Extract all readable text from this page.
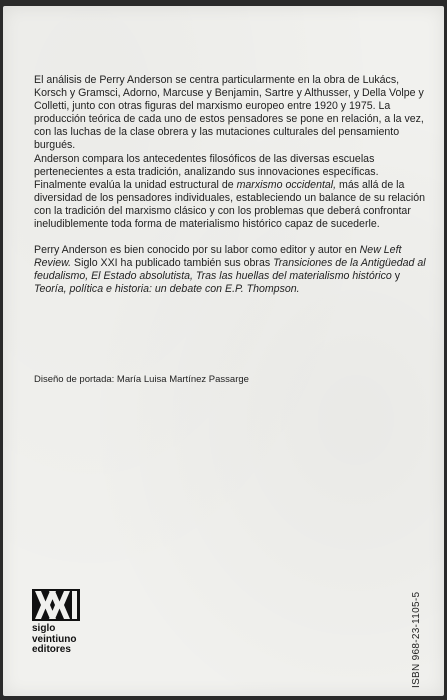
El análisis de Perry Anderson se centra particularmente en la obra de Lukács, Korsch y Gramsci, Adorno, Marcuse y Benjamin, Sartre y Althusser, y Della Volpe y Colletti, junto con otras figuras del marxismo europeo entre 1920 y 1975. La producción teórica de cada uno de estos pensadores se pone en relación, a la vez, con las luchas de la clase obrera y las mutaciones culturales del pensamiento burgués.
Anderson compara los antecedentes filosóficos de las diversas escuelas pertenecientes a esta tradición, analizando sus innovaciones específicas. Finalmente evalúa la unidad estructural de marxismo occidental, más allá de la diversidad de los pensadores individuales, estableciendo un balance de su relación con la tradición del marxismo clásico y con los problemas que deberá confrontar ineludiblemente toda forma de materialismo histórico capaz de sucederle.

Perry Anderson es bien conocido por su labor como editor y autor en New Left Review. Siglo XXI ha publicado también sus obras Transiciones de la Antigüedad al feudalismo, El Estado absolutista, Tras las huellas del materialismo histórico y Teoría, política e historia: un debate con E.P. Thompson.

Diseño de portada: María Luisa Martínez Passarge
siglo
veintiuno
editores	ISBN 968-23-1105-5
